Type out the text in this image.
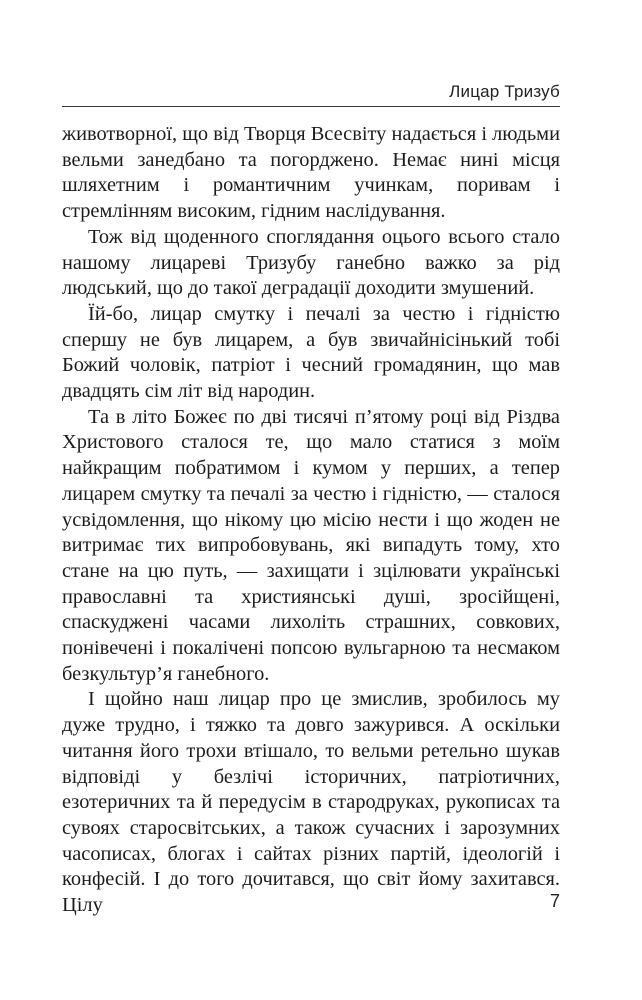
Лицар Тризуб

животворної, що від Творця Всесвіту надається і людьми вельми занедбано та погорджено. Немає нині місця шляхетним і романтичним учинкам, поривам і стремлінням високим, гідним наслідування.

Тож від щоденного споглядання оцього всього стало нашому лицареві Тризубу ганебно важко за рід людський, що до такої деградації доходити змушений.

Їй-бо, лицар смутку і печалі за честю і гідністю спершу не був лицарем, а був звичайнісінький тобі Божий чоловік, патріот і чесний громадянин, що мав двадцять сім літ від народин.

Та в літо Божеє по дві тисячі п’ятому році від Різдва Христового сталося те, що мало статися з моїм найкращим побратимом і кумом у перших, а тепер лицарем смутку та печалі за честю і гідністю, — сталося усвідомлення, що нікому цю місію нести і що жоден не витримає тих випробовувань, які випадуть тому, хто стане на цю путь, — захищати і зцілювати українські православні та християнські душі, зросійщені, спаскуджені часами лихоліть страшних, совкових, понівечені і покалічені попсою вульгарною та несмаком безкультур’я ганебного.

І щойно наш лицар про це змислив, зробилось му дуже трудно, і тяжко та довго зажурився. А оскільки читання його трохи втішало, то вельми ретельно шукав відповіді у безлічі історичних, патріотичних, езотеричних та й передусім в стародруках, рукописах та сувоях старосвітських, а також сучасних і зарозумних часописах, блогах і сайтах різних партій, ідеологій і конфесій. І до того дочитався, що світ йому захитався. Цілу	7
